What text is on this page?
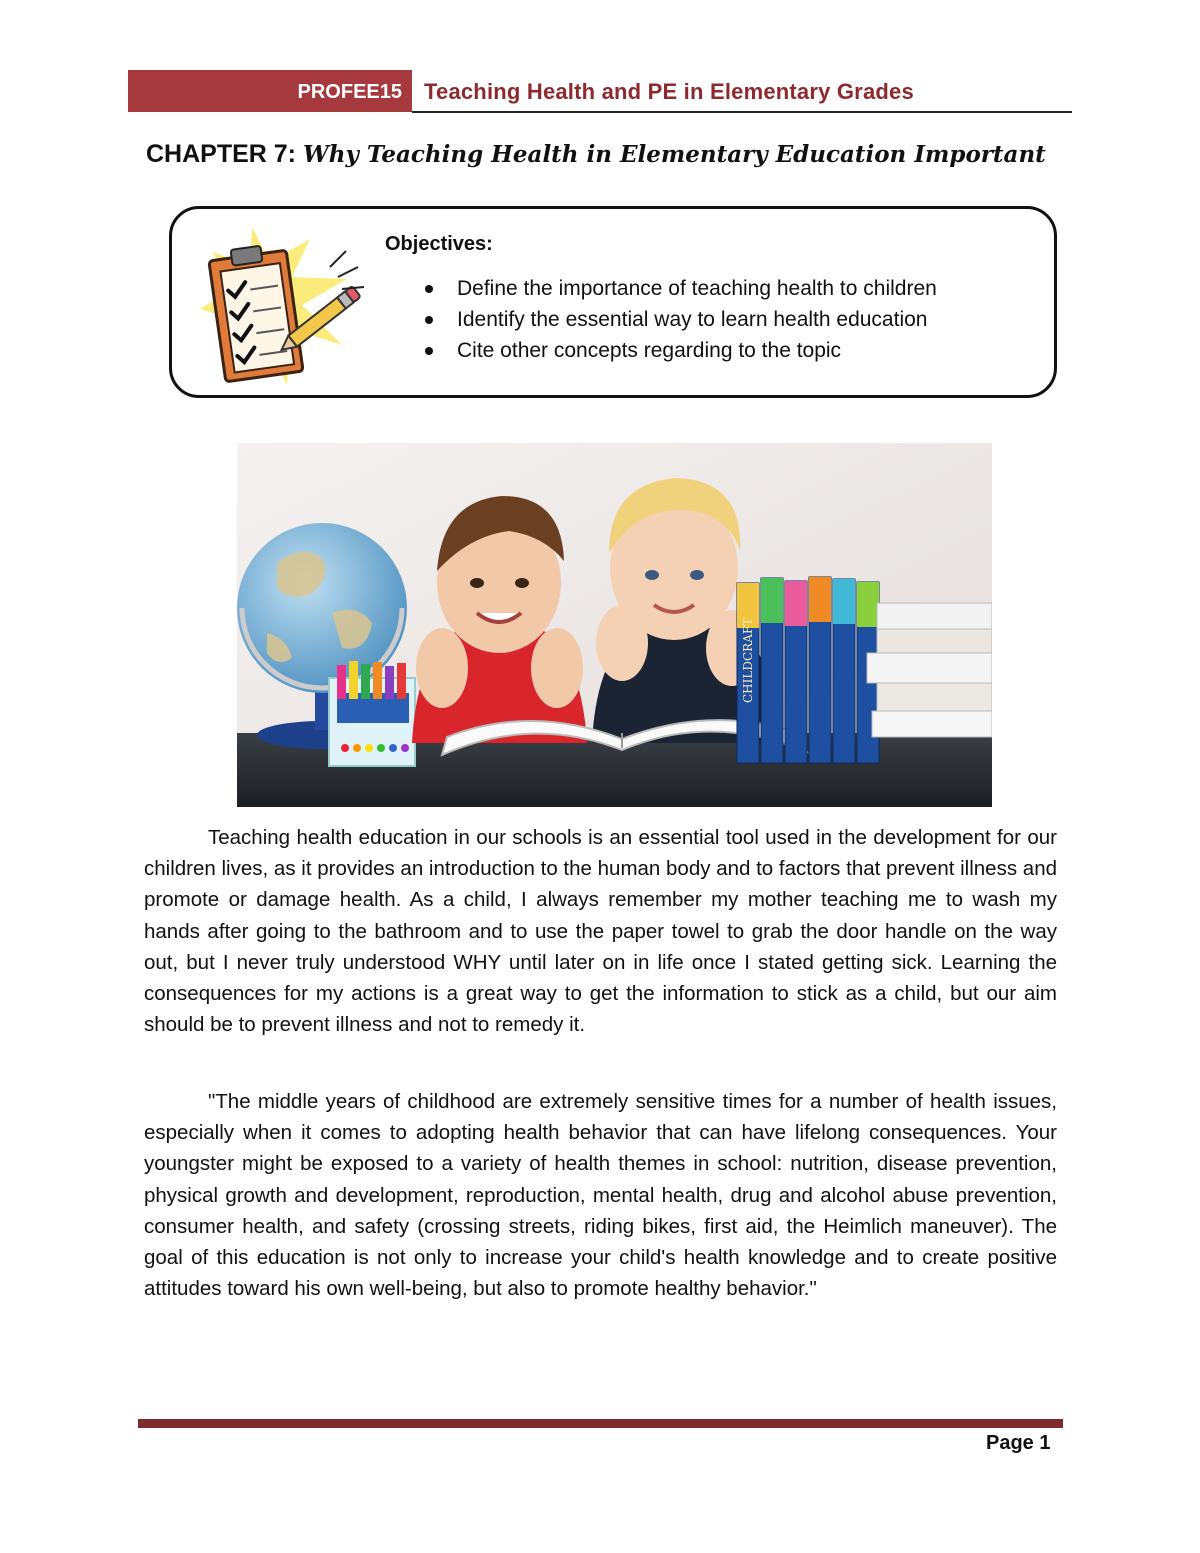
PROFEE15	Teaching Health and PE in Elementary Grades
CHAPTER 7: Why Teaching Health in Elementary Education Important
Objectives:
Define the importance of teaching health to children
Identify the essential way to learn health education
Cite other concepts regarding to the topic
CHILDCRAFT

Teaching health education in our schools is an essential tool used in the development for our children lives, as it provides an introduction to the human body and to factors that prevent illness and promote or damage health. As a child, I always remember my mother teaching me to wash my hands after going to the bathroom and to use the paper towel to grab the door handle on the way out, but I never truly understood WHY until later on in life once I stated getting sick. Learning the consequences for my actions is a great way to get the information to stick as a child, but our aim should be to prevent illness and not to remedy it.

"The middle years of childhood are extremely sensitive times for a number of health issues, especially when it comes to adopting health behavior that can have lifelong consequences. Your youngster might be exposed to a variety of health themes in school: nutrition, disease prevention, physical growth and development, reproduction, mental health, drug and alcohol abuse prevention, consumer health, and safety (crossing streets, riding bikes, first aid, the Heimlich maneuver). The goal of this education is not only to increase your child's health knowledge and to create positive attitudes toward his own well-being, but also to promote healthy behavior."

Page 1
